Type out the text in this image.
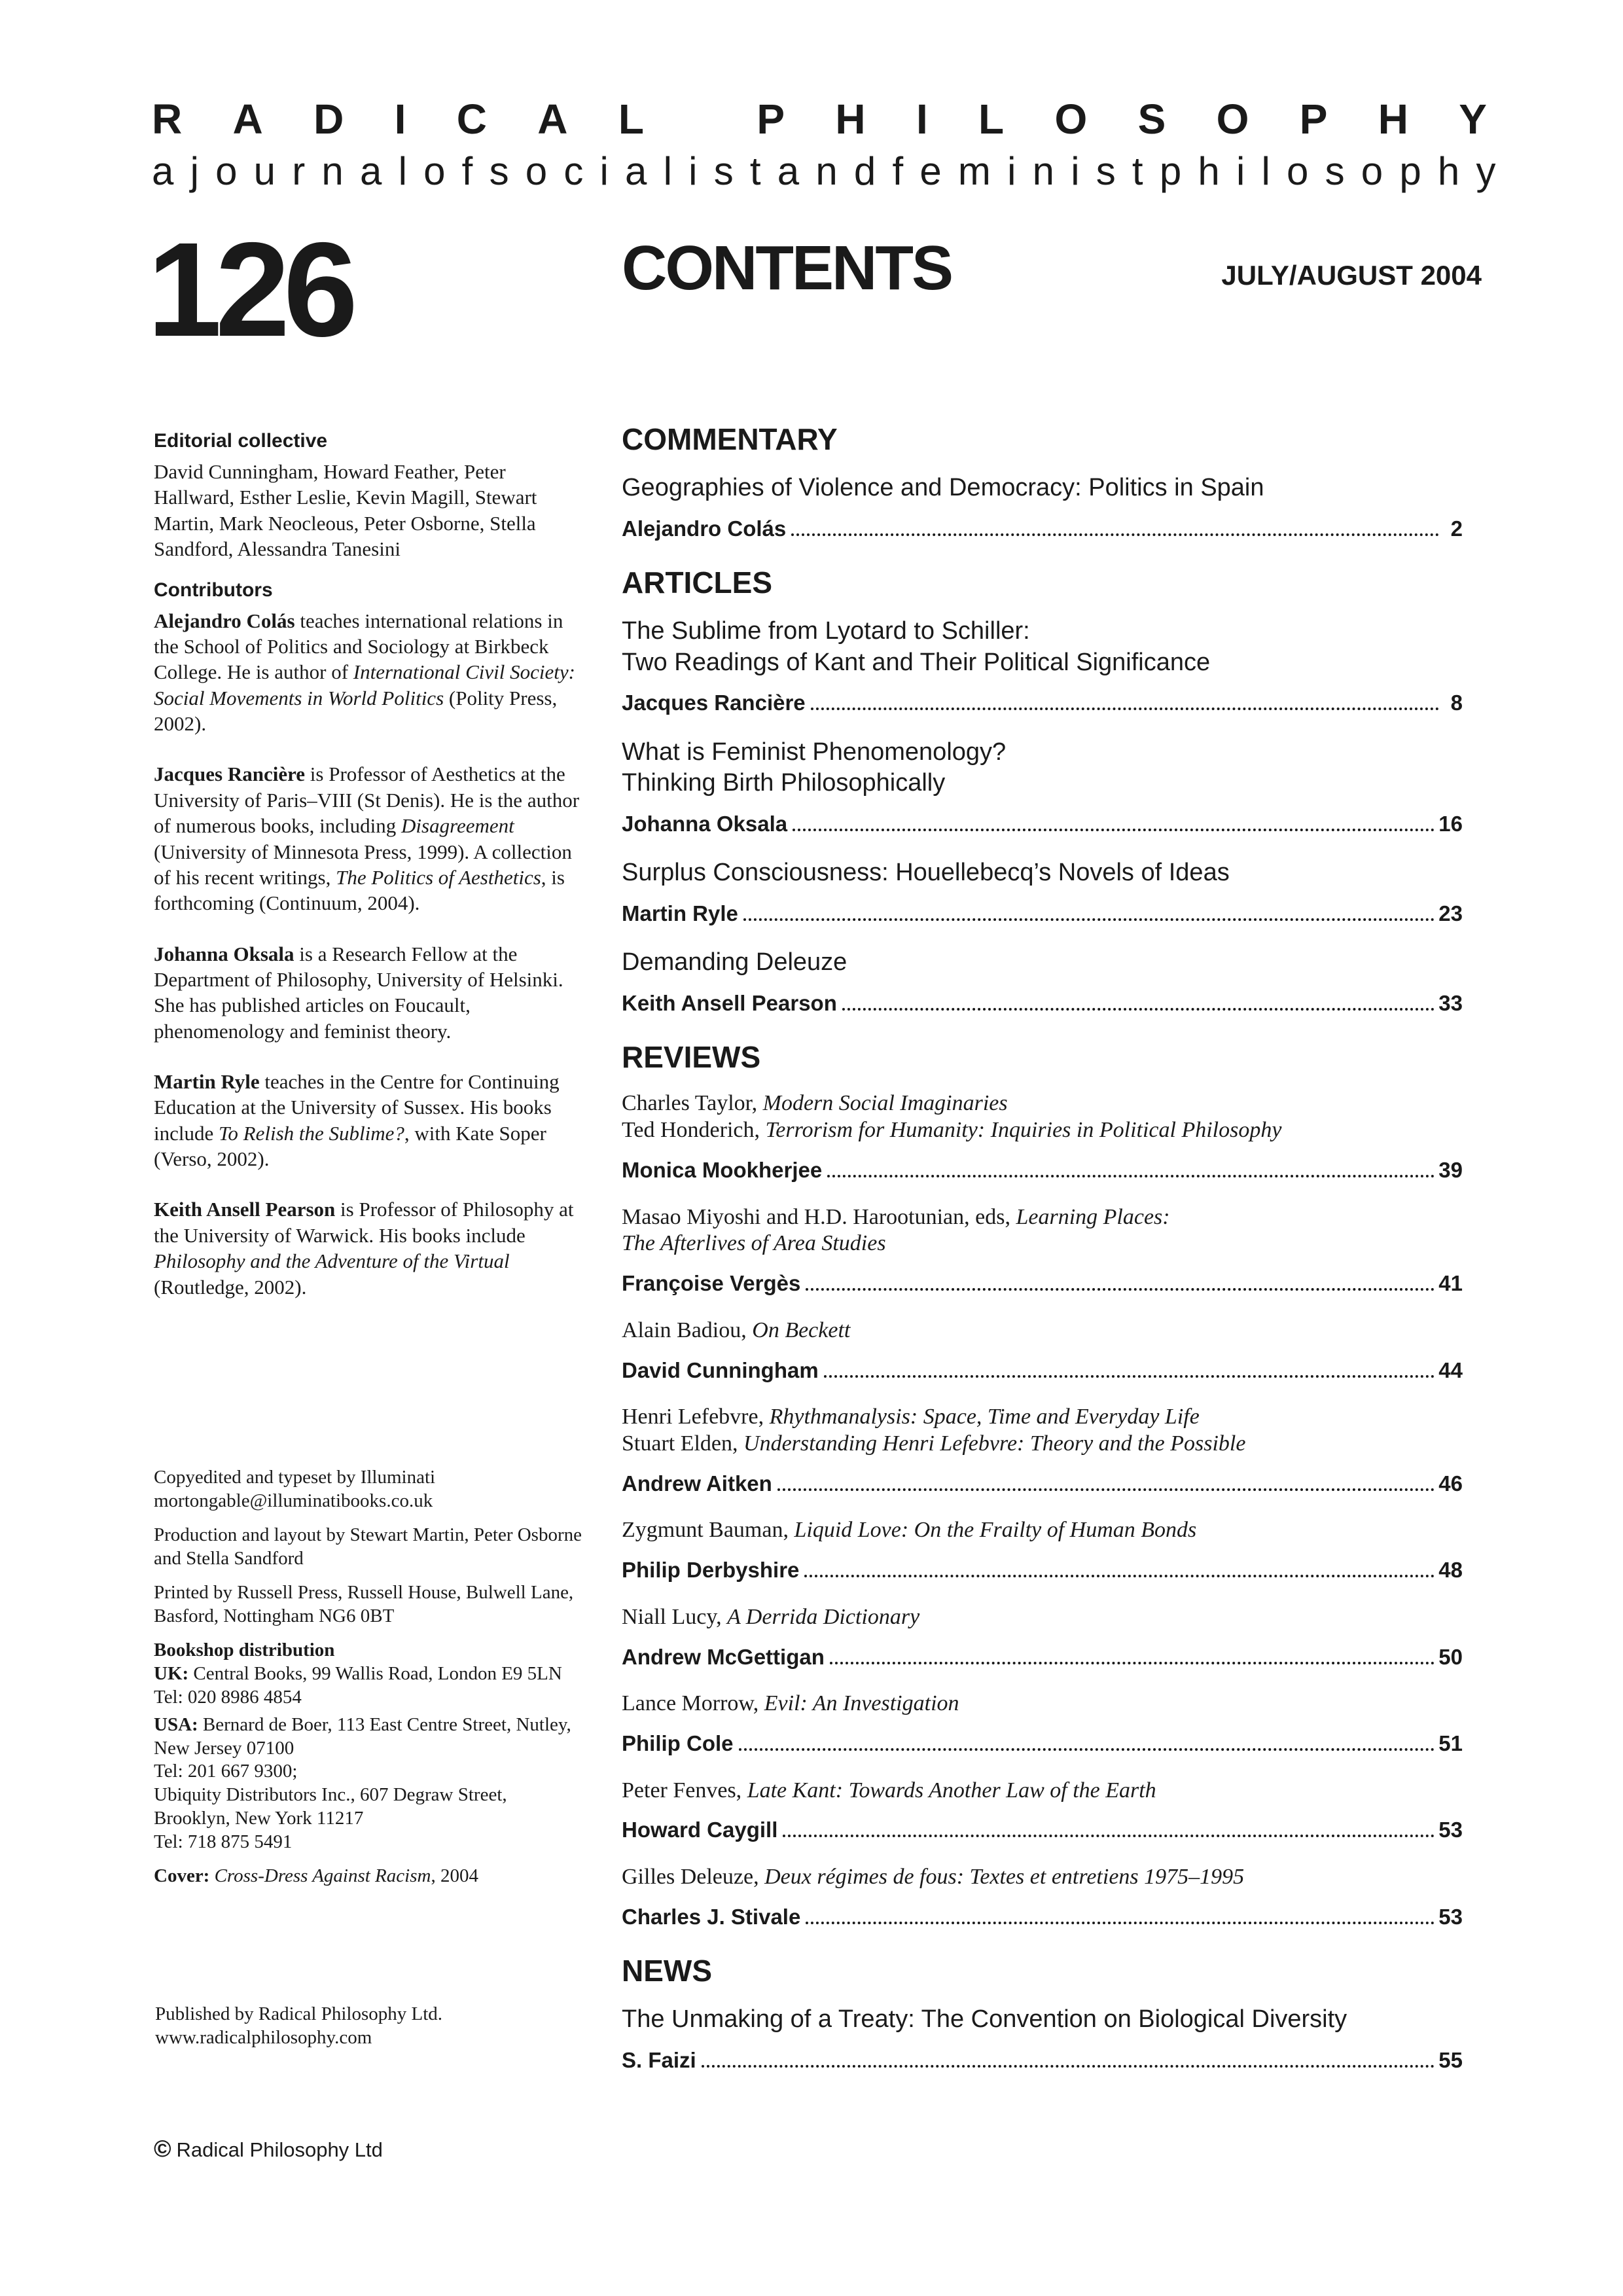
R A D I C A L
	P H I L O S O P H Y
a journal of socialist and feminist philosophy
126	CONTENTS	JULY/AUGUST 2004
Editorial collective
David Cunningham, Howard Feather, Peter Hallward, Esther Leslie, Kevin Magill, Stewart Martin, Mark Neocleous, Peter Osborne, Stella Sandford, Alessandra Tanesini
Contributors

Alejandro Colás teaches international relations in the School of Politics and Sociology at Birkbeck College. He is author of International Civil Society: Social Movements in World Politics (Polity Press, 2002).

Jacques Rancière is Professor of Aesthetics at the University of Paris–VIII (St Denis). He is the author of numerous books, including Disagreement (University of Minnesota Press, 1999). A collection of his recent writings, The Politics of Aesthetics, is forthcoming (Continuum, 2004).

Johanna Oksala is a Research Fellow at the Department of Philosophy, University of Helsinki. She has published articles on Foucault, phenomenology and feminist theory.

Martin Ryle teaches in the Centre for Continuing Education at the University of Sussex. His books include To Relish the Sublime?, with Kate Soper (Verso, 2002).

Keith Ansell Pearson is Professor of Philosophy at the University of Warwick. His books include Philosophy and the Adventure of the Virtual (Routledge, 2002).

Copyedited and typeset by Illuminati
mortongable@illuminatibooks.co.uk

Production and layout by Stewart Martin, Peter Osborne and Stella Sandford

Printed by Russell Press, Russell House, Bulwell Lane, Basford, Nottingham NG6 0BT

Bookshop distribution
UK: Central Books, 99 Wallis Road, London E9 5LN
Tel: 020 8986 4854

USA: Bernard de Boer, 113 East Centre Street, Nutley, New Jersey 07100
Tel: 201 667 9300;
Ubiquity Distributors Inc., 607 Degraw Street, Brooklyn, New York 11217
Tel: 718 875 5491

Cover: Cross-Dress Against Racism, 2004

Published by Radical Philosophy Ltd.
www.radicalphilosophy.com
© Radical Philosophy Ltd
COMMENTARY
Geographies of Violence and Democracy: Politics in Spain
Alejandro Colás	2
ARTICLES
The Sublime from Lyotard to Schiller:
Two Readings of Kant and Their Political Significance
Jacques Rancière	8
What is Feminist Phenomenology?
Thinking Birth Philosophically
Johanna Oksala	16
Surplus Consciousness: Houellebecq’s Novels of Ideas
Martin Ryle	23
Demanding Deleuze
Keith Ansell Pearson	33
REVIEWS
Charles Taylor, Modern Social Imaginaries
Ted Honderich, Terrorism for Humanity: Inquiries in Political Philosophy
Monica Mookherjee	39
Masao Miyoshi and H.D. Harootunian, eds, Learning Places:
The Afterlives of Area Studies
Françoise Vergès	41
Alain Badiou, On Beckett
David Cunningham	44
Henri Lefebvre, Rhythmanalysis: Space, Time and Everyday Life
Stuart Elden, Understanding Henri Lefebvre: Theory and the Possible
Andrew Aitken	46
Zygmunt Bauman, Liquid Love: On the Frailty of Human Bonds
Philip Derbyshire	48
Niall Lucy, A Derrida Dictionary
Andrew McGettigan	50
Lance Morrow, Evil: An Investigation
Philip Cole	51
Peter Fenves, Late Kant: Towards Another Law of the Earth
Howard Caygill	53
Gilles Deleuze, Deux régimes de fous: Textes et entretiens 1975–1995
Charles J. Stivale	53
NEWS
The Unmaking of a Treaty: The Convention on Biological Diversity
S. Faizi	55
